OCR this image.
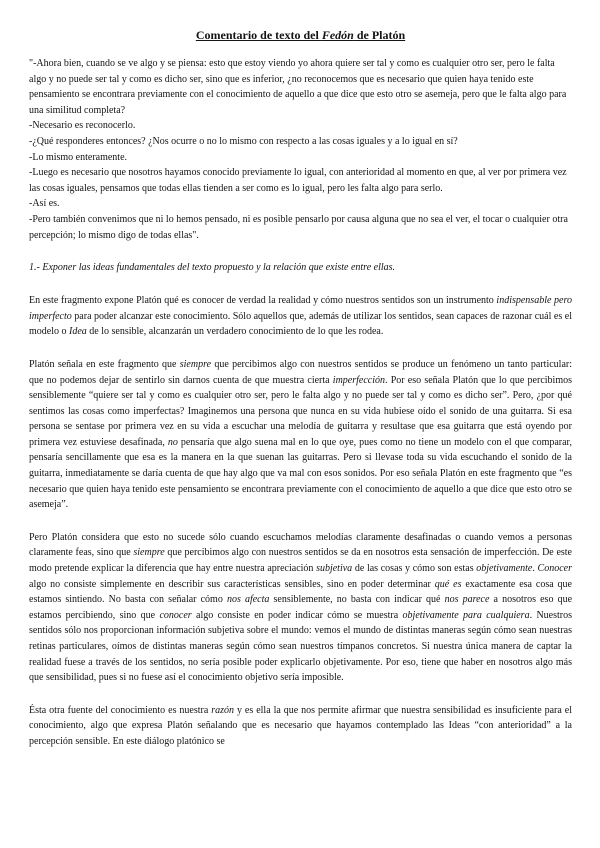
Comentario de texto del Fedón de Platón

"-Ahora bien, cuando se ve algo y se piensa: esto que estoy viendo yo ahora quiere ser tal y como es cualquier otro ser, pero le falta algo y no puede ser tal y como es dicho ser, sino que es inferior, ¿no reconocemos que es necesario que quien haya tenido este pensamiento se encontrara previamente con el conocimiento de aquello a que dice que esto otro se asemeja, pero que le falta algo para una similitud completa?

-Necesario es reconocerlo.

-¿Qué responderes entonces? ¿Nos ocurre o no lo mismo con respecto a las cosas iguales y a lo igual en sí?

-Lo mismo enteramente.

-Luego es necesario que nosotros hayamos conocido previamente lo igual, con anterioridad al momento en que, al ver por primera vez las cosas iguales, pensamos que todas ellas tienden a ser como es lo igual, pero les falta algo para serlo.

-Así es.

-Pero también convenimos que ni lo hemos pensado, ni es posible pensarlo por causa alguna que no sea el ver, el tocar o cualquier otra percepción; lo mismo digo de todas ellas".

1.- Exponer las ideas fundamentales del texto propuesto y la relación que existe entre ellas.

En este fragmento expone Platón qué es conocer de verdad la realidad y cómo nuestros sentidos son un instrumento indispensable pero imperfecto para poder alcanzar este conocimiento. Sólo aquellos que, además de utilizar los sentidos, sean capaces de razonar cuál es el modelo o Idea de lo sensible, alcanzarán un verdadero conocimiento de lo que les rodea.

Platón señala en este fragmento que siempre que percibimos algo con nuestros sentidos se produce un fenómeno un tanto particular: que no podemos dejar de sentirlo sin darnos cuenta de que muestra cierta imperfección. Por eso señala Platón que lo que percibimos sensiblemente “quiere ser tal y como es cualquier otro ser, pero le falta algo y no puede ser tal y como es dicho ser”. Pero, ¿por qué sentimos las cosas como imperfectas? Imaginemos una persona que nunca en su vida hubiese oído el sonido de una guitarra. Si esa persona se sentase por primera vez en su vida a escuchar una melodía de guitarra y resultase que esa guitarra que está oyendo por primera vez estuviese desafinada, no pensaría que algo suena mal en lo que oye, pues como no tiene un modelo con el que comparar, pensaría sencillamente que esa es la manera en la que suenan las guitarras. Pero si llevase toda su vida escuchando el sonido de la guitarra, inmediatamente se daría cuenta de que hay algo que va mal con esos sonidos. Por eso señala Platón en este fragmento que “es necesario que quien haya tenido este pensamiento se encontrara previamente con el conocimiento de aquello a que dice que esto otro se asemeja”.

Pero Platón considera que esto no sucede sólo cuando escuchamos melodías claramente desafinadas o cuando vemos a personas claramente feas, sino que siempre que percibimos algo con nuestros sentidos se da en nosotros esta sensación de imperfección. De este modo pretende explicar la diferencia que hay entre nuestra apreciación subjetiva de las cosas y cómo son estas objetivamente. Conocer algo no consiste simplemente en describir sus características sensibles, sino en poder determinar qué es exactamente esa cosa que estamos sintiendo. No basta con señalar cómo nos afecta sensiblemente, no basta con indicar qué nos parece a nosotros eso que estamos percibiendo, sino que conocer algo consiste en poder indicar cómo se muestra objetivamente para cualquiera. Nuestros sentidos sólo nos proporcionan información subjetiva sobre el mundo: vemos el mundo de distintas maneras según cómo sean nuestras retinas particulares, oímos de distintas maneras según cómo sean nuestros tímpanos concretos. Si nuestra única manera de captar la realidad fuese a través de los sentidos, no sería posible poder explicarlo objetivamente. Por eso, tiene que haber en nosotros algo más que sensibilidad, pues si no fuese así el conocimiento objetivo sería imposible.

Ésta otra fuente del conocimiento es nuestra razón y es ella la que nos permite afirmar que nuestra sensibilidad es insuficiente para el conocimiento, algo que expresa Platón señalando que es necesario que hayamos contemplado las Ideas “con anterioridad” a la percepción sensible. En este diálogo platónico se
